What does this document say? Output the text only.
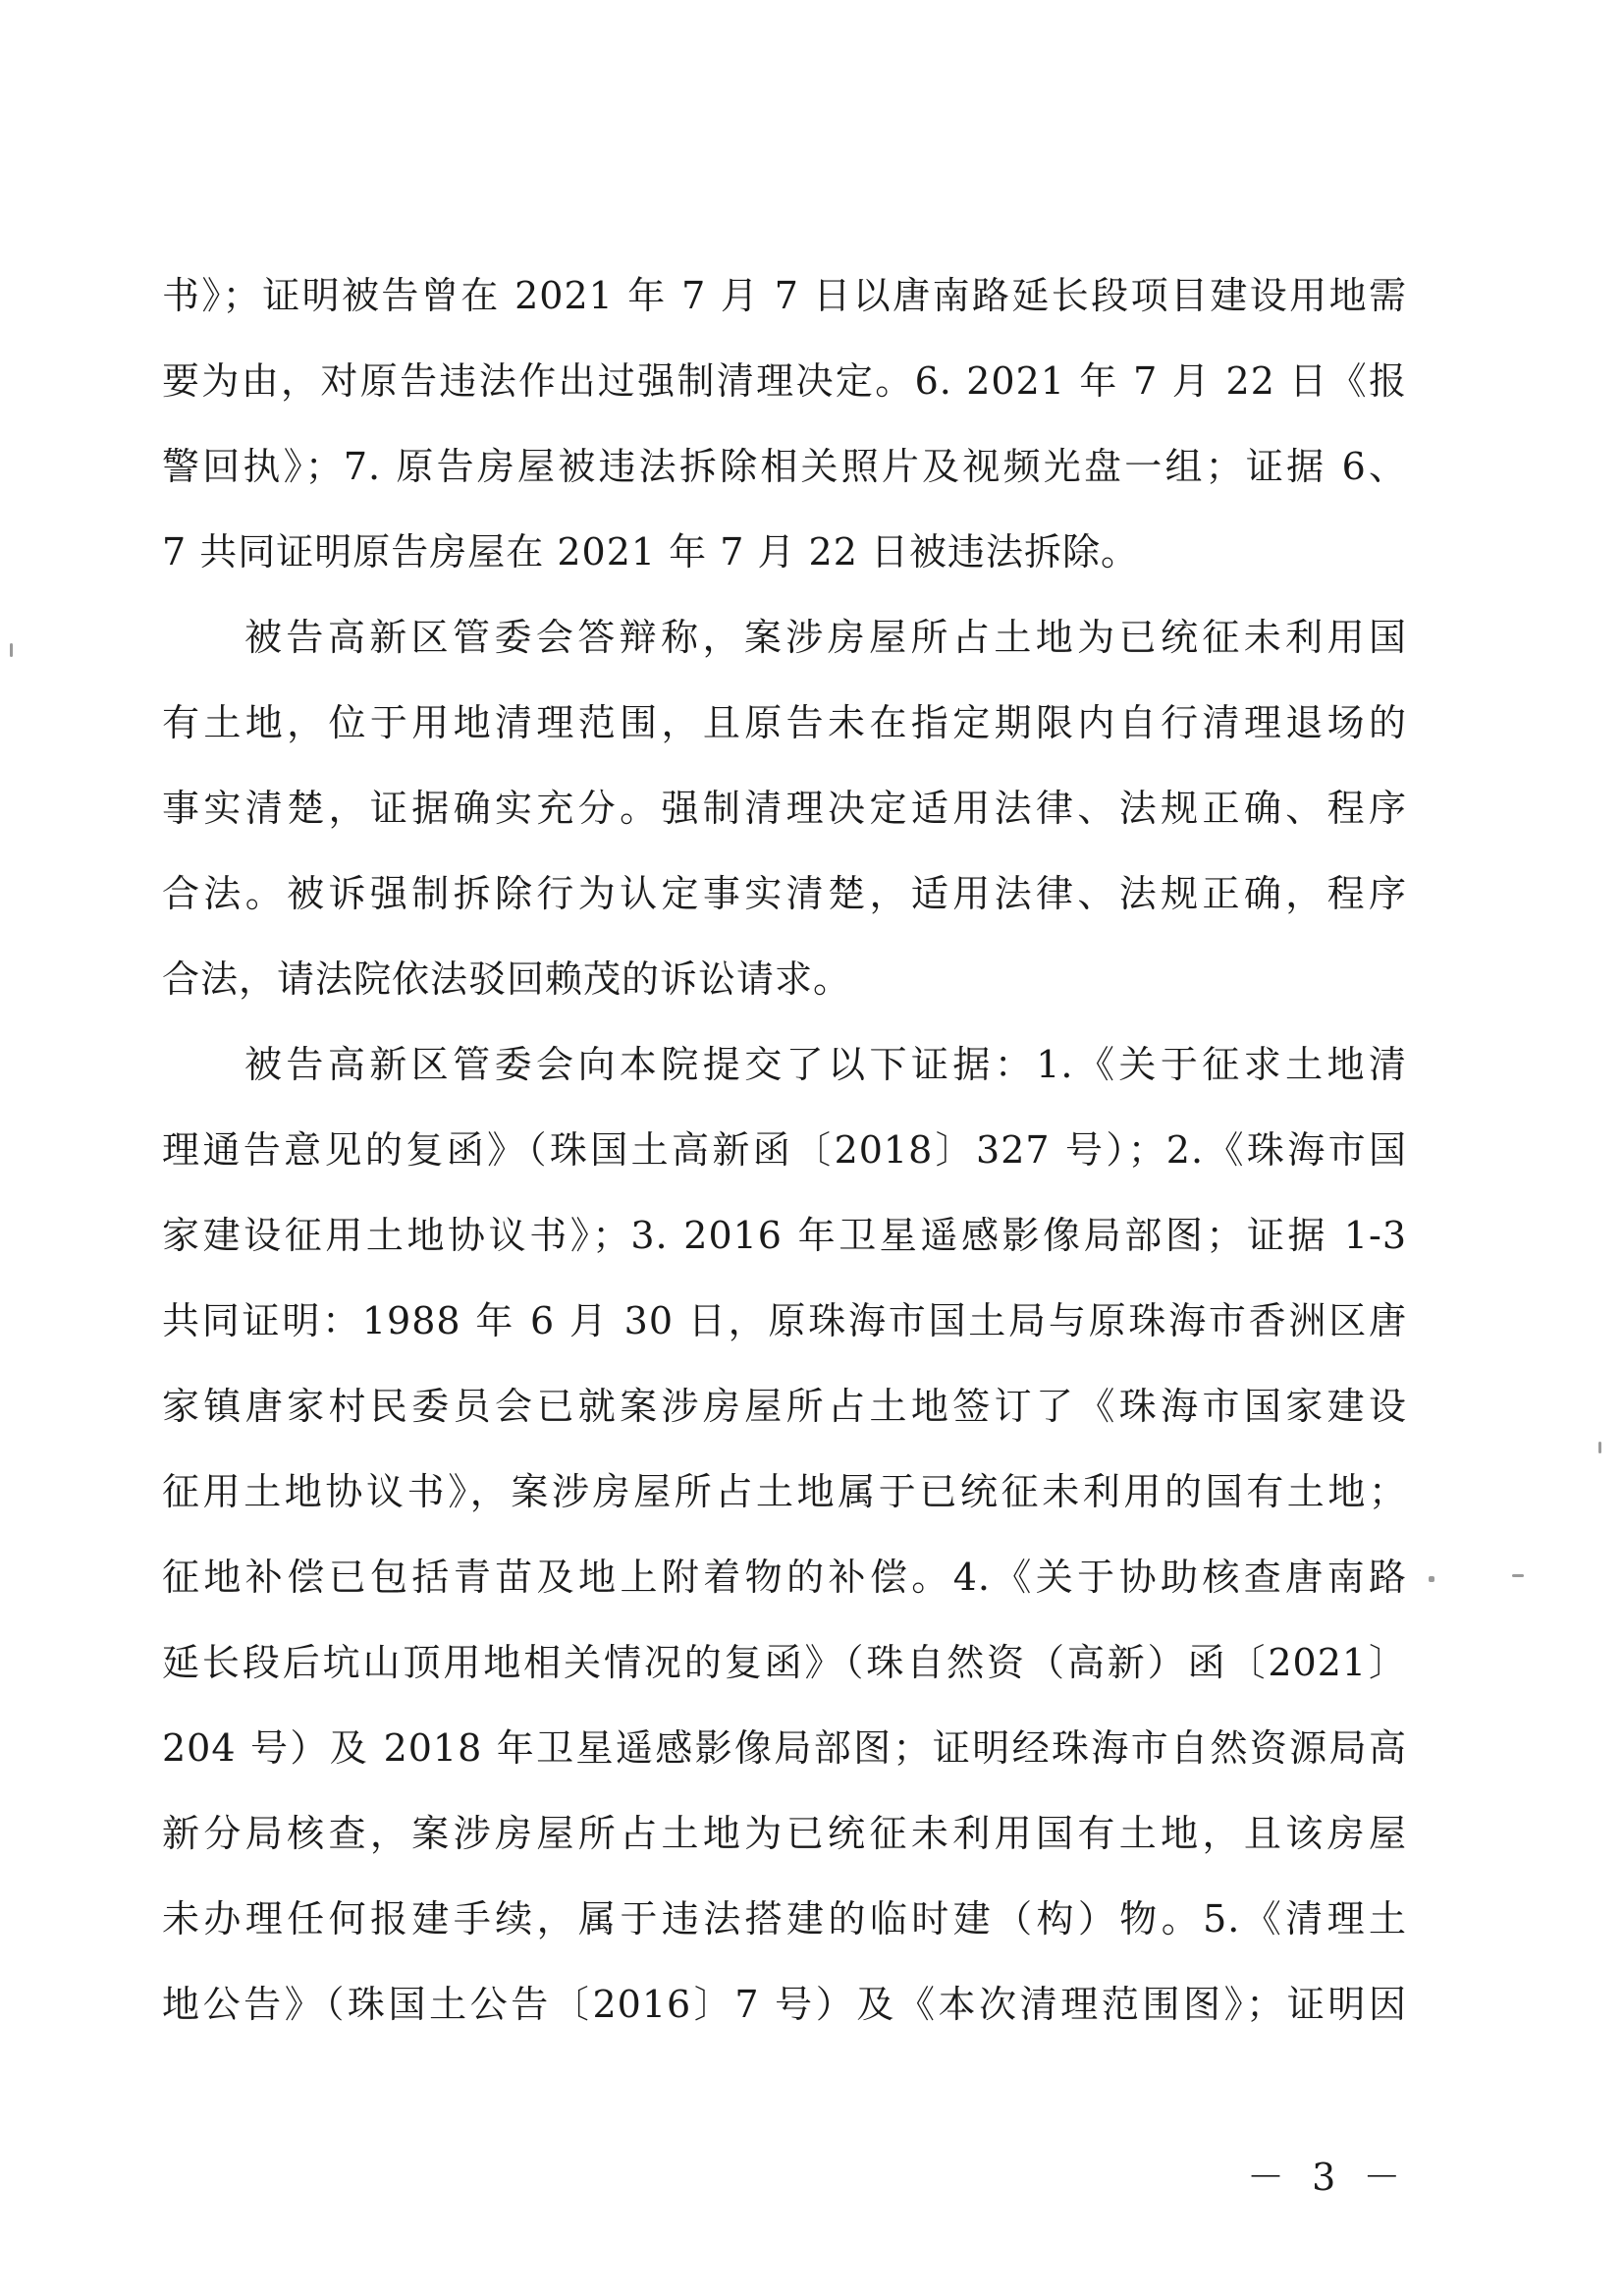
书》；证明被告曾在 2021 年 7 月 7 日以唐南路延长段项目建设用地需
要为由，对原告违法作出过强制清理决定。6. 2021 年 7 月 22 日《报
警回执》；7. 原告房屋被违法拆除相关照片及视频光盘一组；证据 6、
7 共同证明原告房屋在 2021 年 7 月 22 日被违法拆除。
被告高新区管委会答辩称，案涉房屋所占土地为已统征未利用国
有土地，位于用地清理范围，且原告未在指定期限内自行清理退场的
事实清楚，证据确实充分。强制清理决定适用法律、法规正确、程序
合法。被诉强制拆除行为认定事实清楚，适用法律、法规正确，程序
合法，请法院依法驳回赖茂的诉讼请求。
被告高新区管委会向本院提交了以下证据：1.《关于征求土地清
理通告意见的复函》（珠国土高新函〔2018〕327 号）；2.《珠海市国
家建设征用土地协议书》；3. 2016 年卫星遥感影像局部图；证据 1-3
共同证明：1988 年 6 月 30 日，原珠海市国土局与原珠海市香洲区唐
家镇唐家村民委员会已就案涉房屋所占土地签订了《珠海市国家建设
征用土地协议书》，案涉房屋所占土地属于已统征未利用的国有土地；
征地补偿已包括青苗及地上附着物的补偿。4.《关于协助核查唐南路
延长段后坑山顶用地相关情况的复函》（珠自然资（高新）函〔2021〕
204 号）及 2018 年卫星遥感影像局部图；证明经珠海市自然资源局高
新分局核查，案涉房屋所占土地为已统征未利用国有土地，且该房屋
未办理任何报建手续，属于违法搭建的临时建（构）物。5.《清理土
地公告》（珠国土公告〔2016〕7 号）及《本次清理范围图》；证明因
－ 3 －
